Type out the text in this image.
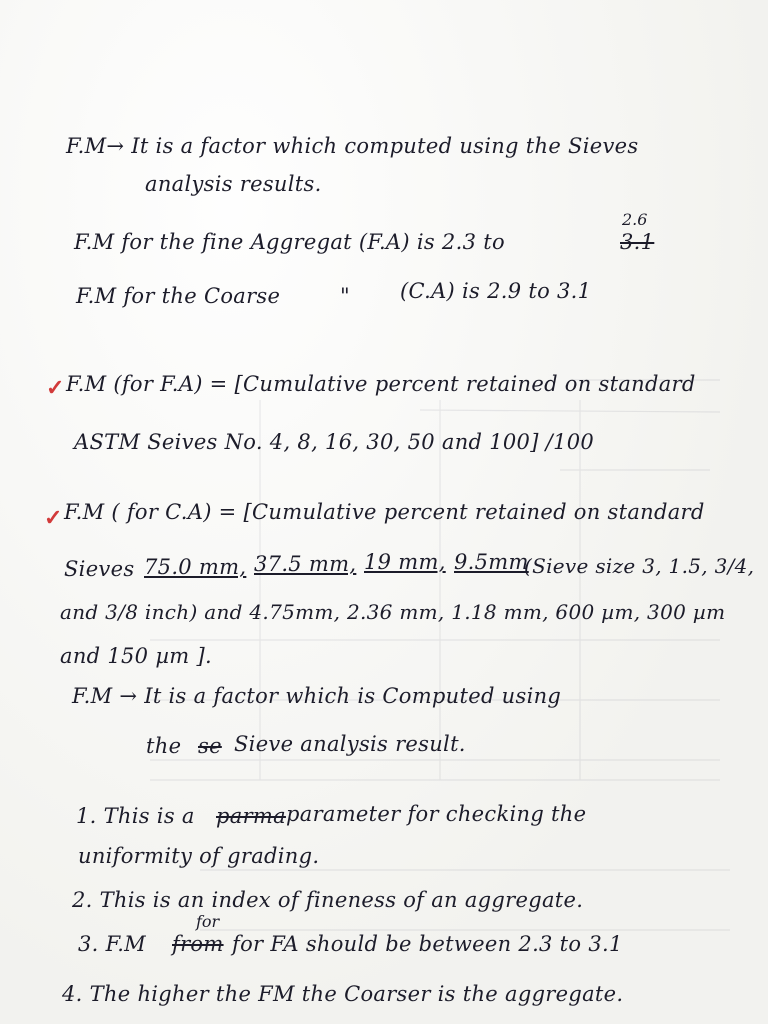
F.M→ It is a factor which computed using the Sieves
analysis results.
F.M for the fine Aggregat (F.A) is 2.3 to	3.1
2.6
F.M for the Coarse	" (C.A) is 2.9 to 3.1
✓ F.M (for F.A) = [Cumulative percent retained on standard
ASTM Seives No. 4, 8, 16, 30, 50 and 100] /100
✓ F.M ( for C.A) = [Cumulative percent retained on standard
Sieves 75.0 mm, 37.5 mm, 19 mm, 9.5mm
(Sieve size 3, 1.5, 3/4,
and 3/8 inch) and 4.75mm, 2.36 mm, 1.18 mm, 600 µm, 300 µm
and 150 µm ].
F.M → It is a factor which is Computed using
the se Sieve analysis result.
1. This is a parma parameter for checking the
uniformity of grading.
2. This is an index of fineness of an aggregate.
for
3. F.M from for FA should be between 2.3 to 3.1
4. The higher the FM the Coarser is the aggregate.
